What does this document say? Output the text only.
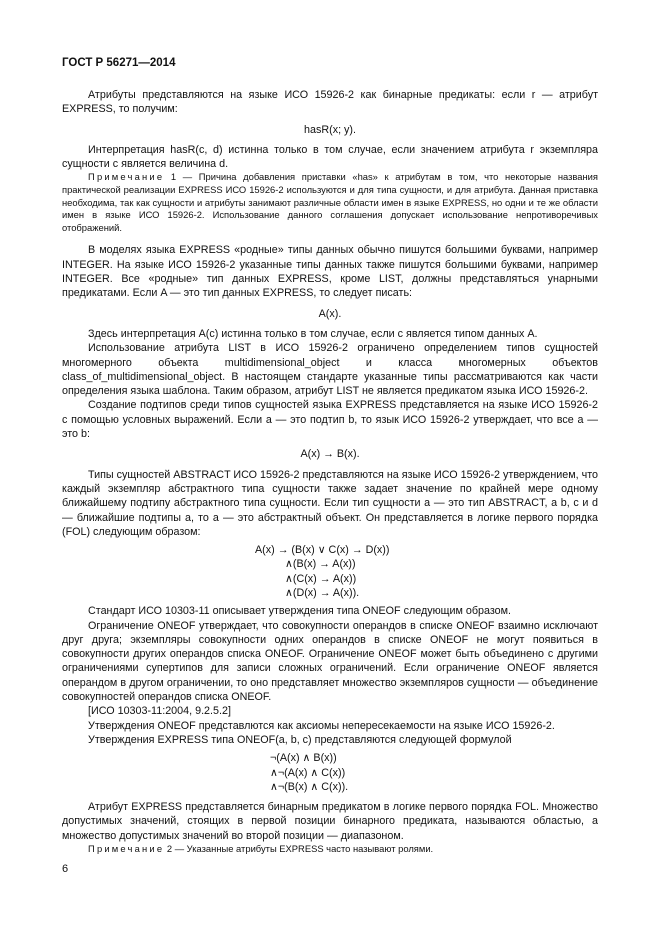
ГОСТ Р 56271—2014

Атрибуты представляются на языке ИСО 15926-2 как бинарные предикаты: если r — атрибут EXPRESS, то получим:

hasR(x; y).

Интерпретация hasR(c, d) истинна только в том случае, если значением атрибута r экземпляра сущности c является величина d.

Примечание 1 — Причина добавления приставки «has» к атрибутам в том, что некоторые названия практической реализации EXPRESS ИСО 15926-2 используются и для типа сущности, и для атрибута. Данная приставка необходима, так как сущности и атрибуты занимают различные области имен в языке EXPRESS, но одни и те же области имен в языке ИСО 15926-2. Использование данного соглашения допускает использование непротиворечивых отображений.

В моделях языка EXPRESS «родные» типы данных обычно пишутся большими буквами, например INTEGER. На языке ИСО 15926-2 указанные типы данных также пишутся большими буквами, например INTEGER. Все «родные» тип данных EXPRESS, кроме LIST, должны представляться унарными предикатами. Если A — это тип данных EXPRESS, то следует писать:

A(x).

Здесь интерпретация A(c) истинна только в том случае, если c является типом данных A.

Использование атрибута LIST в ИСО 15926-2 ограничено определением типов сущностей многомерного объекта multidimensional_object и класса многомерных объектов class_of_multidimensional_object. В настоящем стандарте указанные типы рассматриваются как части определения языка шаблона. Таким образом, атрибут LIST не является предикатом языка ИСО 15926-2.

Создание подтипов среди типов сущностей языка EXPRESS представляется на языке ИСО 15926-2 с помощью условных выражений. Если a — это подтип b, то язык ИСО 15926-2 утверждает, что все a — это b:

A(x) → B(x).

Типы сущностей ABSTRACT ИСО 15926-2 представляются на языке ИСО 15926-2 утверждением, что каждый экземпляр абстрактного типа сущности также задает значение по крайней мере одному ближайшему подтипу абстрактного типа сущности. Если тип сущности a — это тип ABSTRACT, a b, c и d — ближайшие подтипы a, то a — это абстрактный объект. Он представляется в логике первого порядка (FOL) следующим образом:

A(x) → (B(x) ∨ C(x) → D(x))
∧(B(x) → A(x))
∧(C(x) → A(x))
∧(D(x) → A(x)).

Стандарт ИСО 10303-11 описывает утверждения типа ONEOF следующим образом.

Ограничение ONEOF утверждает, что совокупности операндов в списке ONEOF взаимно исключают друг друга; экземпляры совокупности одних операндов в списке ONEOF не могут появиться в совокупности других операндов списка ONEOF. Ограничение ONEOF может быть объединено с другими ограничениями супертипов для записи сложных ограничений. Если ограничение ONEOF является операндом в другом ограничении, то оно представляет множество экземпляров сущности — объединение совокупностей операндов списка ONEOF.

[ИСО 10303-11:2004, 9.2.5.2]

Утверждения ONEOF представлются как аксиомы непересекаемости на языке ИСО 15926-2.

Утверждения EXPRESS типа ONEOF(a, b, c) представляются следующей формулой

¬(A(x) ∧ B(x))
∧¬(A(x) ∧ C(x))
∧¬(B(x) ∧ C(x)).

Атрибут EXPRESS представляется бинарным предикатом в логике первого порядка FOL. Множество допустимых значений, стоящих в первой позиции бинарного предиката, называются областью, а множество допустимых значений во второй позиции — диапазоном.

Примечание 2 — Указанные атрибуты EXPRESS часто называют ролями.

6
